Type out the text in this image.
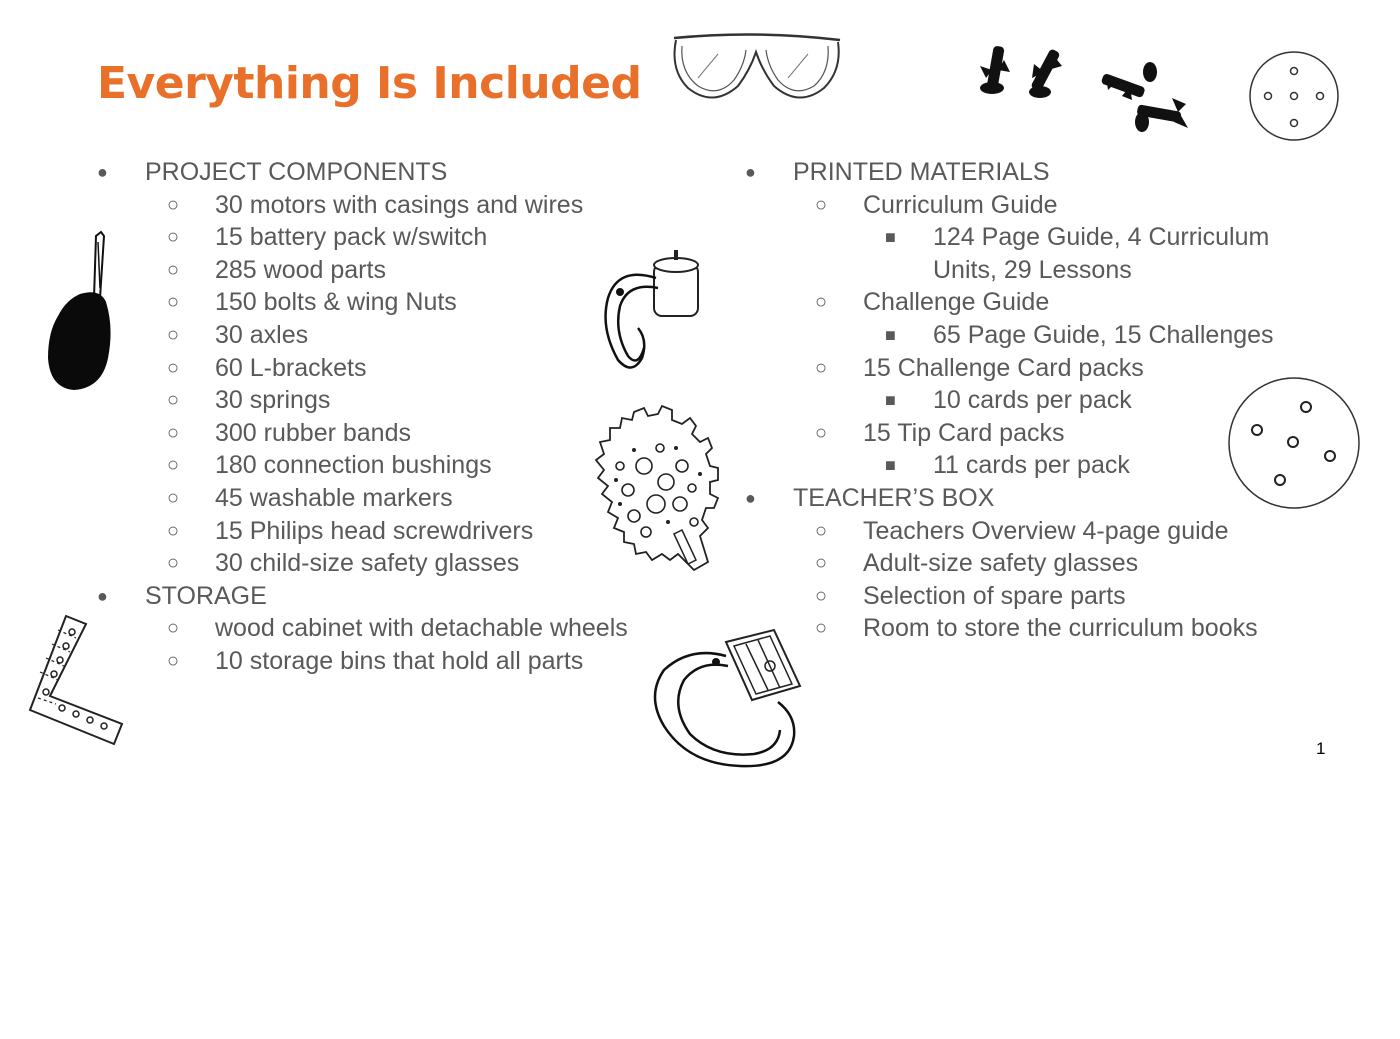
Everything Is Included
● PROJECT COMPONENTS
○ 30 motors with casings and wires
○ 15 battery pack w/switch
○ 285 wood parts
○ 150 bolts & wing Nuts
○ 30 axles
○ 60 L-brackets
○ 30 springs
○ 300 rubber bands
○ 180 connection bushings
○ 45 washable markers
○ 15 Philips head screwdrivers
○ 30 child-size safety glasses
● STORAGE
○ wood cabinet with detachable wheels
○ 10 storage bins that hold all parts
● PRINTED MATERIALS
○ Curriculum Guide
■ 124 Page Guide, 4 Curriculum Units, 29 Lessons
○ Challenge Guide
■ 65 Page Guide, 15 Challenges
○ 15 Challenge Card packs
■ 10 cards per pack
○ 15 Tip Card packs
■ 11 cards per pack
● TEACHER’S BOX
○ Teachers Overview 4-page guide
○ Adult-size safety glasses
○ Selection of spare parts
○ Room to store the curriculum books
1
